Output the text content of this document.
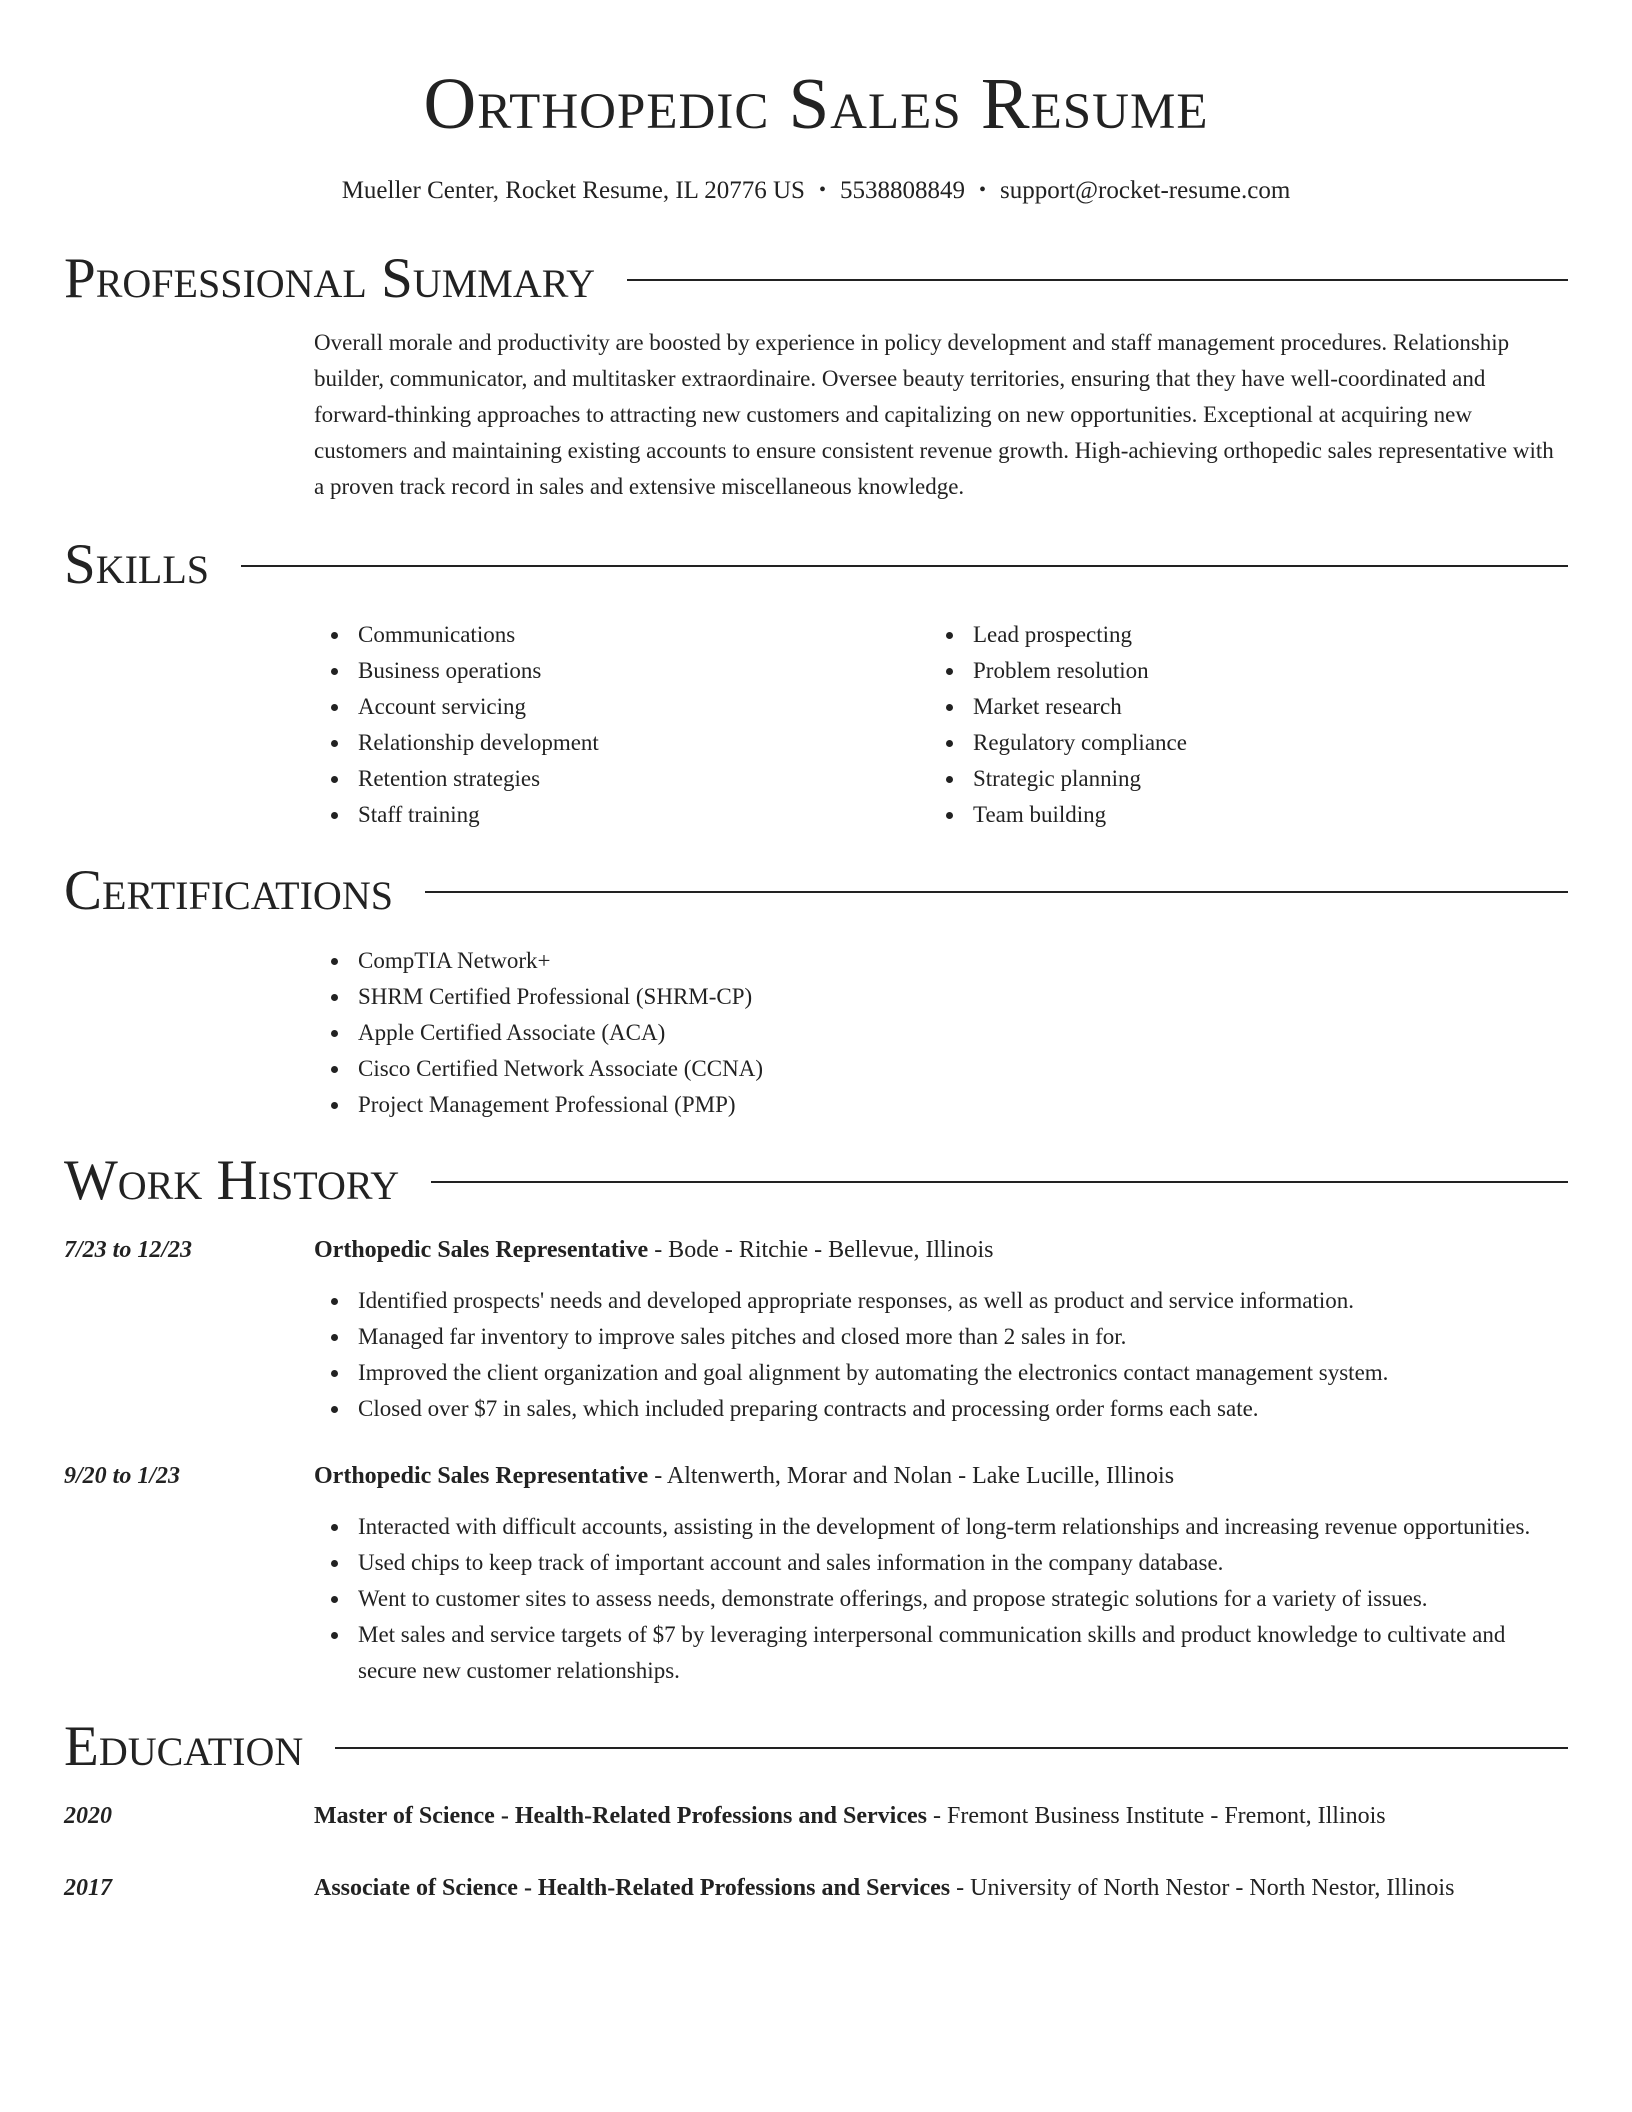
Orthopedic Sales Resume
Mueller Center, Rocket Resume, IL 20776 US • 5538808849 • support@rocket-resume.com
Professional Summary

Overall morale and productivity are boosted by experience in policy development and staff management procedures. Relationship builder, communicator, and multitasker extraordinaire. Oversee beauty territories, ensuring that they have well-coordinated and forward-thinking approaches to attracting new customers and capitalizing on new opportunities. Exceptional at acquiring new customers and maintaining existing accounts to ensure consistent revenue growth. High-achieving orthopedic sales representative with a proven track record in sales and extensive miscellaneous knowledge.

Skills
Communications
Business operations
Account servicing
Relationship development
Retention strategies
Staff training
Lead prospecting
Problem resolution
Market research
Regulatory compliance
Strategic planning
Team building
Certifications
CompTIA Network+
SHRM Certified Professional (SHRM-CP)
Apple Certified Associate (ACA)
Cisco Certified Network Associate (CCNA)
Project Management Professional (PMP)
Work History
7/23 to 12/23	Orthopedic Sales Representative - Bode - Ritchie - Bellevue, Illinois

Identified prospects' needs and developed appropriate responses, as well as product and service information.
Managed far inventory to improve sales pitches and closed more than 2 sales in for.
Improved the client organization and goal alignment by automating the electronics contact management system.
Closed over $7 in sales, which included preparing contracts and processing order forms each sate.
9/20 to 1/23	Orthopedic Sales Representative - Altenwerth, Morar and Nolan - Lake Lucille, Illinois

Interacted with difficult accounts, assisting in the development of long-term relationships and increasing revenue opportunities.
Used chips to keep track of important account and sales information in the company database.
Went to customer sites to assess needs, demonstrate offerings, and propose strategic solutions for a variety of issues.
Met sales and service targets of $7 by leveraging interpersonal communication skills and product knowledge to cultivate and secure new customer relationships.
Education
2020	Master of Science - Health-Related Professions and Services - Fremont Business Institute - Fremont, Illinois

2017	Associate of Science - Health-Related Professions and Services - University of North Nestor - North Nestor, Illinois
